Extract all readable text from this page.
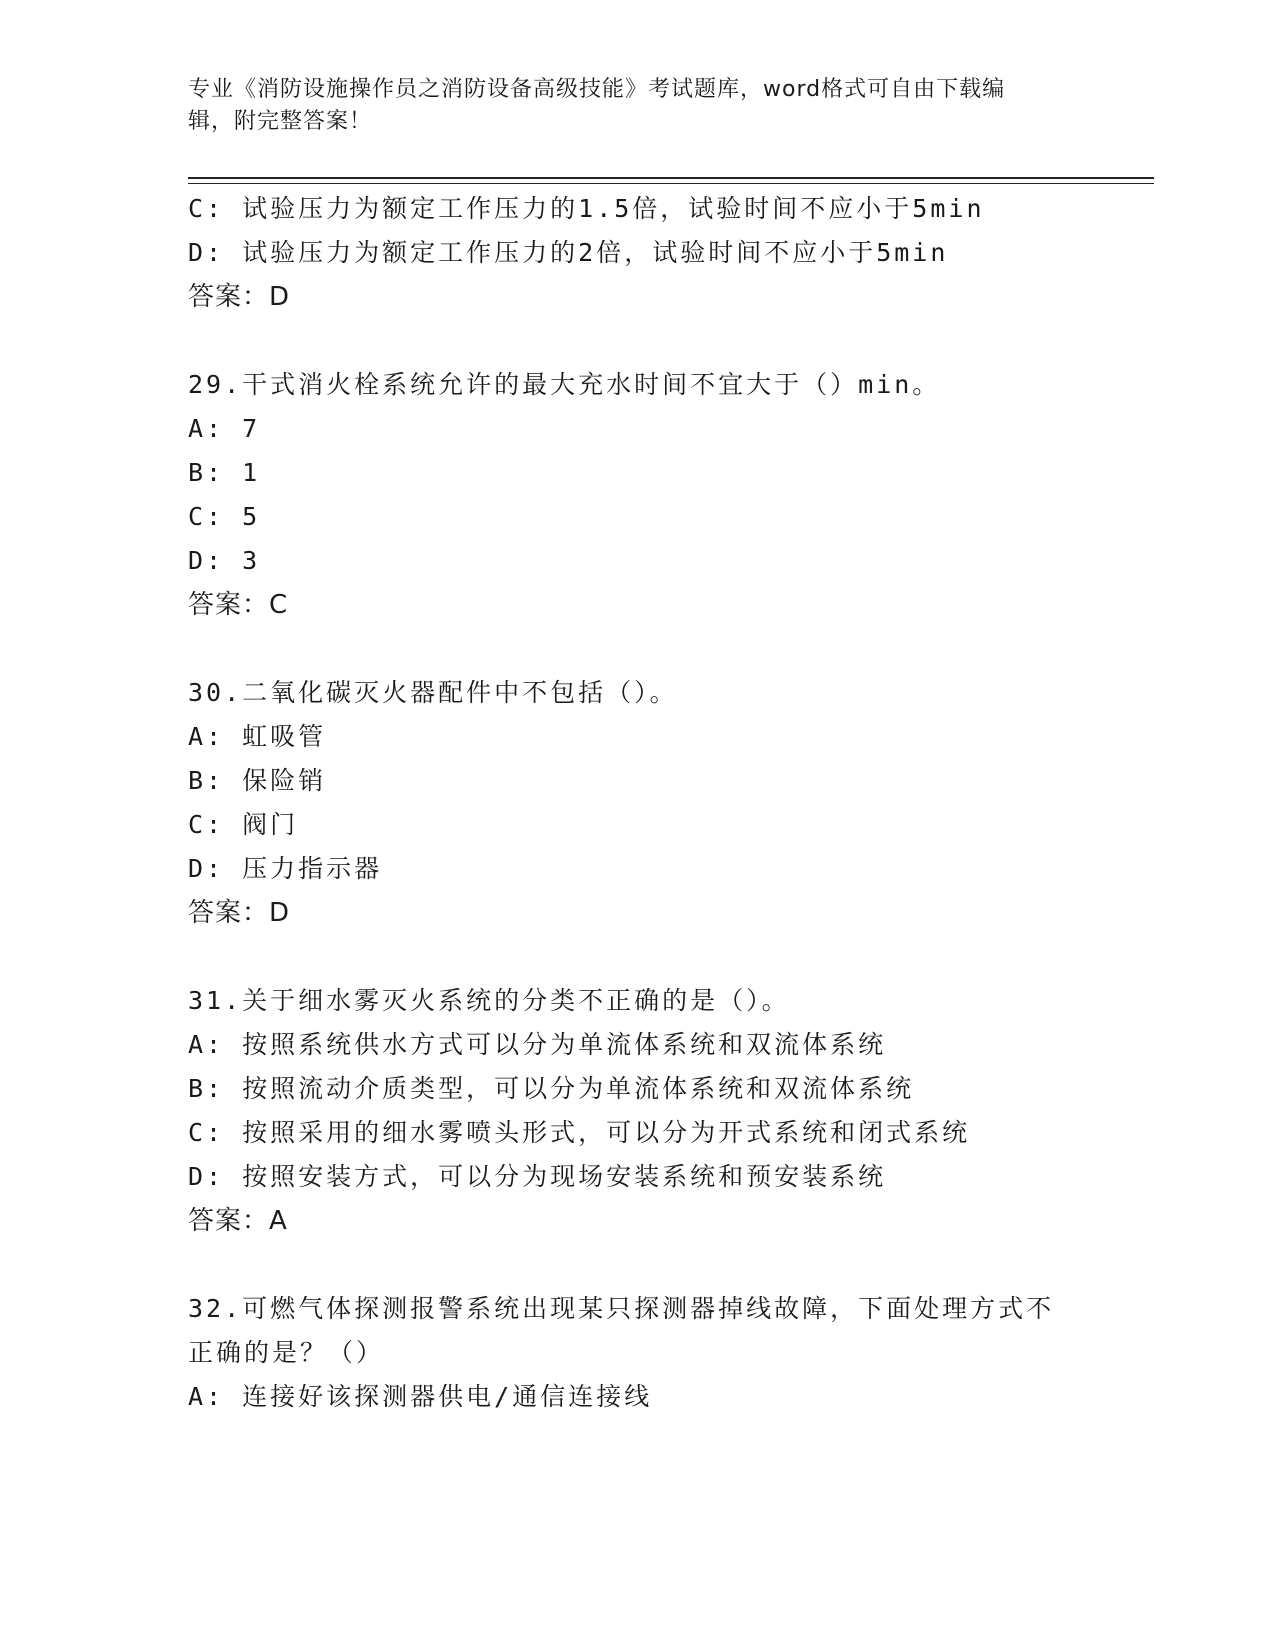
专业《消防设施操作员之消防设备高级技能》考试题库，word格式可自由下载编
辑，附完整答案！
C: 试验压力为额定工作压力的1.5倍，试验时间不应小于5min
D: 试验压力为额定工作压力的2倍，试验时间不应小于5min
答案：D
29.干式消火栓系统允许的最大充水时间不宜大于（）min。
A: 7
B: 1
C: 5
D: 3
答案：C
30.二氧化碳灭火器配件中不包括（）。
A: 虹吸管
B: 保险销
C: 阀门
D: 压力指示器
答案：D
31.关于细水雾灭火系统的分类不正确的是（）。
A: 按照系统供水方式可以分为单流体系统和双流体系统
B: 按照流动介质类型，可以分为单流体系统和双流体系统
C: 按照采用的细水雾喷头形式，可以分为开式系统和闭式系统
D: 按照安装方式，可以分为现场安装系统和预安装系统
答案：A
32.可燃气体探测报警系统出现某只探测器掉线故障，下面处理方式不
正确的是？（）
A: 连接好该探测器供电/通信连接线
